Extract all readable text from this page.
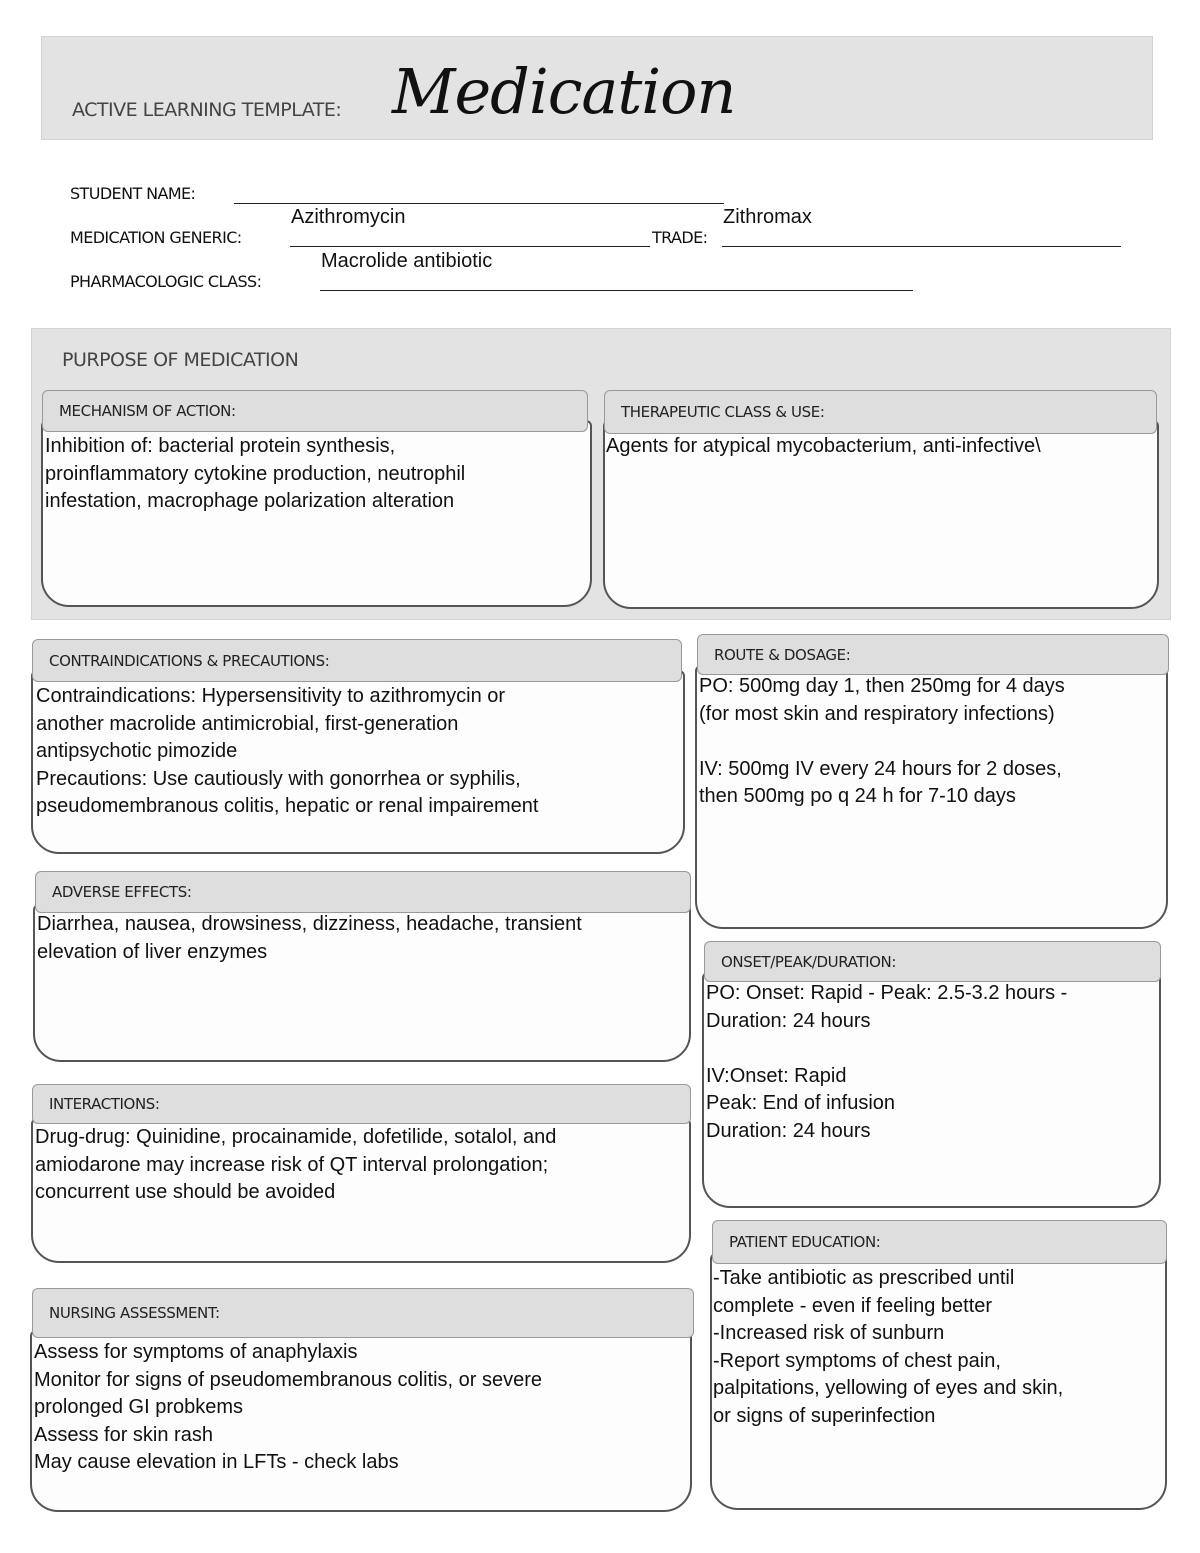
ACTIVE LEARNING TEMPLATE: Medication
STUDENT NAME:
MEDICATION GENERIC:
Azithromycin
TRADE:
Zithromax
PHARMACOLOGIC CLASS:
Macrolide antibiotic
PURPOSE OF MEDICATION
MECHANISM OF ACTION:
Inhibition of: bacterial protein synthesis,
proinflammatory cytokine production, neutrophil
infestation, macrophage polarization alteration
THERAPEUTIC CLASS & USE:
Agents for atypical mycobacterium, anti-infective\
CONTRAINDICATIONS & PRECAUTIONS:
Contraindications: Hypersensitivity to azithromycin or
another macrolide antimicrobial, first-generation
antipsychotic pimozide
Precautions: Use cautiously with gonorrhea or syphilis,
pseudomembranous colitis, hepatic or renal impairement
ROUTE & DOSAGE:
PO: 500mg day 1, then 250mg for 4 days
(for most skin and respiratory infections)

IV: 500mg IV every 24 hours for 2 doses,
then 500mg po q 24 h for 7-10 days
ADVERSE EFFECTS:
Diarrhea, nausea, drowsiness, dizziness, headache, transient
elevation of liver enzymes	ONSET/PEAK/DURATION:
PO: Onset: Rapid - Peak: 2.5-3.2 hours -
Duration: 24 hours

IV:Onset: Rapid
Peak: End of infusion
Duration: 24 hours
INTERACTIONS:
Drug-drug: Quinidine, procainamide, dofetilide, sotalol, and
amiodarone may increase risk of QT interval prolongation;
concurrent use should be avoided
PATIENT EDUCATION:
-Take antibiotic as prescribed until
complete - even if feeling better
-Increased risk of sunburn
-Report symptoms of chest pain,
palpitations, yellowing of eyes and skin,
or signs of superinfection
NURSING ASSESSMENT:
Assess for symptoms of anaphylaxis
Monitor for signs of pseudomembranous colitis, or severe
prolonged GI probkems
Assess for skin rash
May cause elevation in LFTs - check labs
